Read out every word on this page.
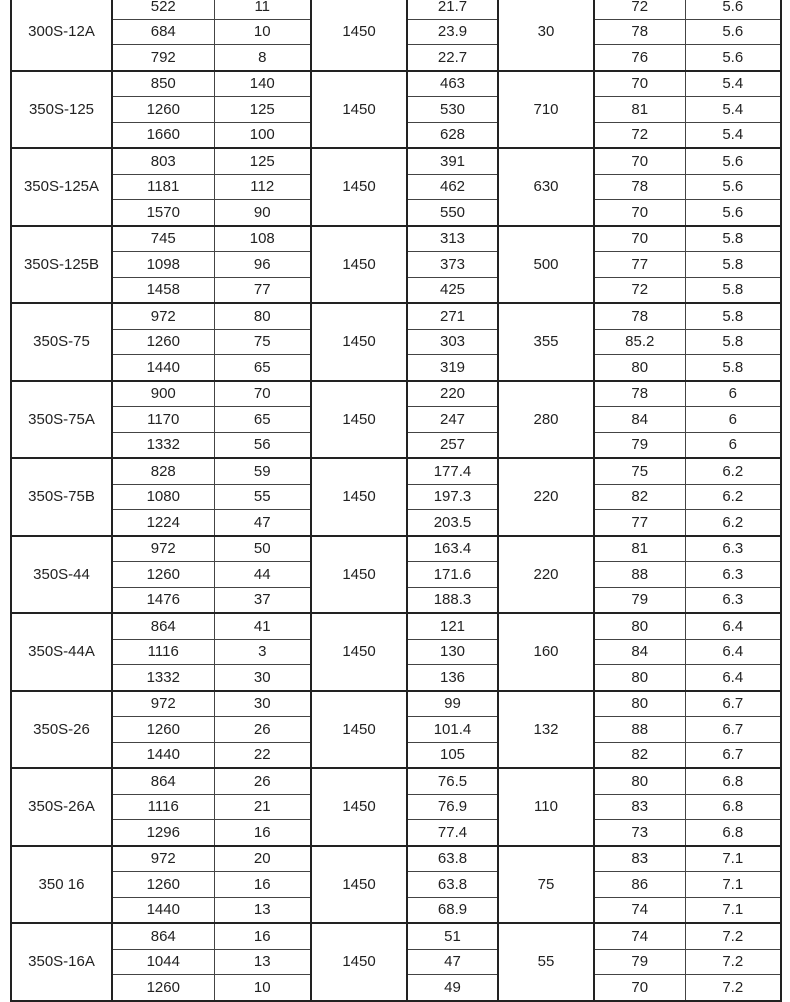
300S-12A	522	11	1450	21.7	30	72	5.6
	684	10		23.9		78	5.6
	792	8		22.7		76	5.6
350S-125	850	140	1450	463	710	70	5.4
	1260	125		530		81	5.4
	1660	100		628		72	5.4
350S-125A	803	125	1450	391	630	70	5.6
	1181	112		462		78	5.6
	1570	90		550		70	5.6
350S-125B	745	108	1450	313	500	70	5.8
	1098	96		373		77	5.8
	1458	77		425		72	5.8
350S-75	972	80	1450	271	355	78	5.8
	1260	75		303		85.2	5.8
	1440	65		319		80	5.8
350S-75A	900	70	1450	220	280	78	6
	1170	65		247		84	6
	1332	56		257		79	6
350S-75B	828	59	1450	177.4	220	75	6.2
	1080	55		197.3		82	6.2
	1224	47		203.5		77	6.2
350S-44	972	50	1450	163.4	220	81	6.3
	1260	44		171.6		88	6.3
	1476	37		188.3		79	6.3
350S-44A	864	41	1450	121	160	80	6.4
	1116	3		130		84	6.4
	1332	30		136		80	6.4
350S-26	972	30	1450	99	132	80	6.7
	1260	26		101.4		88	6.7
	1440	22		105		82	6.7
350S-26A	864	26	1450	76.5	110	80	6.8
	1116	21		76.9		83	6.8
	1296	16		77.4		73	6.8
350 16	972	20	1450	63.8	75	83	7.1
	1260	16		63.8		86	7.1
	1440	13		68.9		74	7.1
350S-16A	864	16	1450	51	55	74	7.2
	1044	13		47		79	7.2
	1260	10		49		70	7.2
